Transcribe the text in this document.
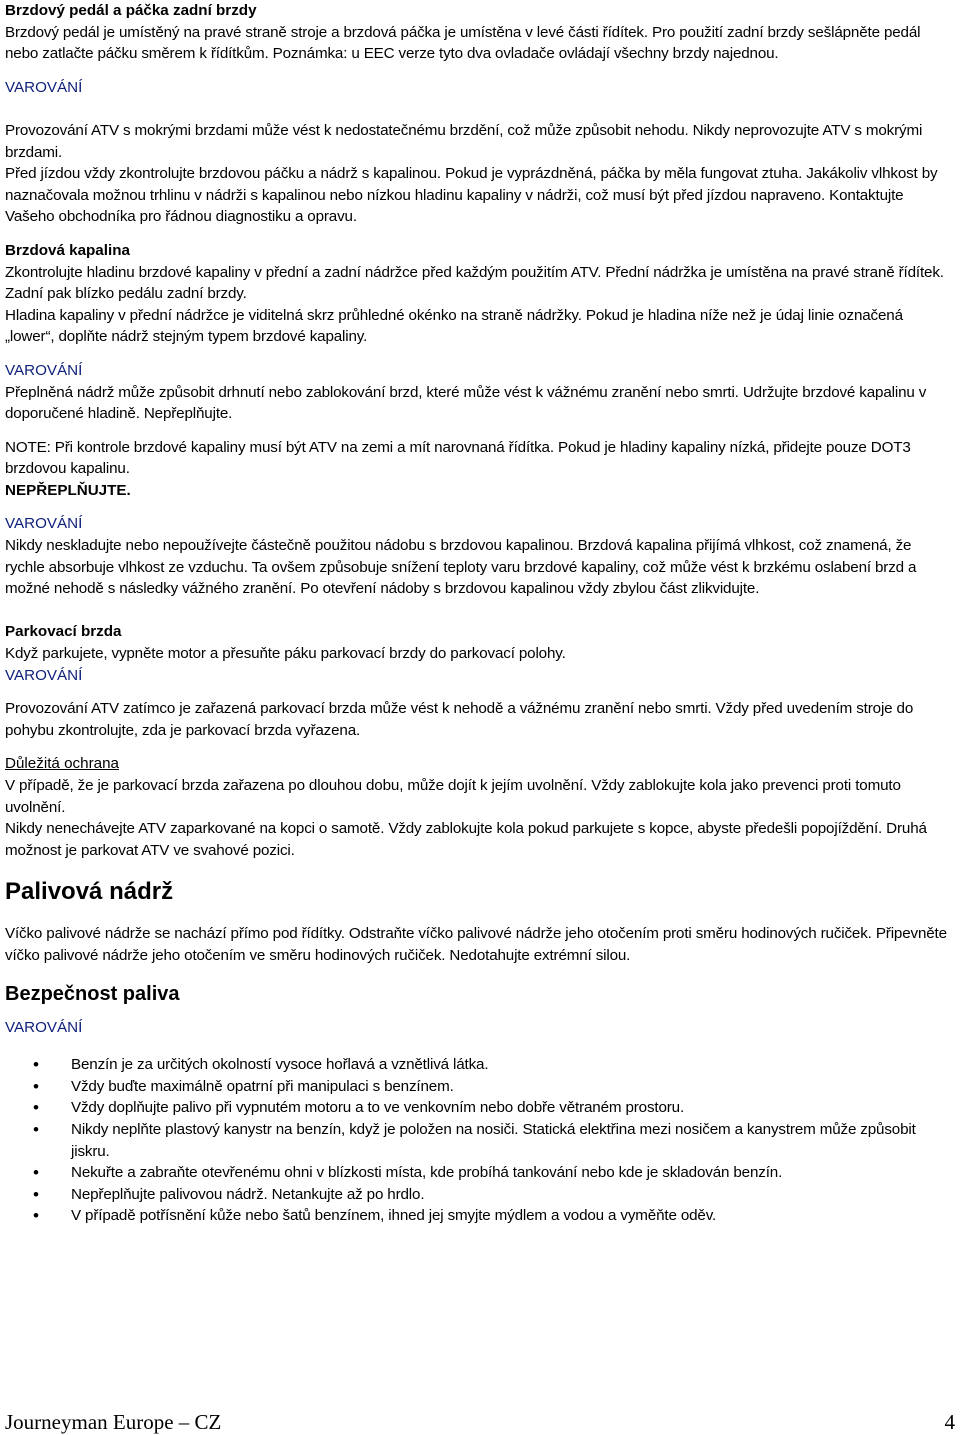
Brzdový pedál a páčka zadní brzdy

Brzdový pedál je umístěný na pravé straně stroje a brzdová páčka je umístěna v levé části řídítek. Pro použití zadní brzdy sešlápněte pedál nebo zatlačte páčku směrem k řídítkům. Poznámka: u EEC verze tyto dva ovladače ovládají všechny brzdy najednou.

VAROVÁNÍ

Provozování ATV s mokrými brzdami může vést k nedostatečnému brzdění, což může způsobit nehodu. Nikdy neprovozujte ATV s mokrými brzdami.

Před jízdou vždy zkontrolujte brzdovou páčku a nádrž s kapalinou. Pokud je vyprázdněná, páčka by měla fungovat ztuha. Jakákoliv vlhkost by naznačovala možnou trhlinu v nádrži s kapalinou nebo nízkou hladinu kapaliny v nádrži, což musí být před jízdou napraveno. Kontaktujte Vašeho obchodníka pro řádnou diagnostiku a opravu.

Brzdová kapalina

Zkontrolujte hladinu brzdové kapaliny v přední a zadní nádržce před každým použitím ATV. Přední nádržka je umístěna na pravé straně řídítek. Zadní pak blízko pedálu zadní brzdy.

Hladina kapaliny v přední nádržce je viditelná skrz průhledné okénko na straně nádržky. Pokud je hladina níže než je údaj linie označená „lower“, doplňte nádrž stejným typem brzdové kapaliny.

VAROVÁNÍ

Přeplněná nádrž může způsobit drhnutí nebo zablokování brzd, které může vést k vážnému zranění nebo smrti. Udržujte brzdové kapalinu v doporučené hladině. Nepřeplňujte.

NOTE: Při kontrole brzdové kapaliny musí být ATV na zemi a mít narovnaná řídítka. Pokud je hladiny kapaliny nízká, přidejte pouze DOT3 brzdovou kapalinu.

NEPŘEPLŇUJTE.

VAROVÁNÍ

Nikdy neskladujte nebo nepoužívejte částečně použitou nádobu s brzdovou kapalinou. Brzdová kapalina přijímá vlhkost, což znamená, že rychle absorbuje vlhkost ze vzduchu. Ta ovšem způsobuje snížení teploty varu brzdové kapaliny, což může vést k brzkému oslabení brzd a možné nehodě s následky vážného zranění. Po otevření nádoby s brzdovou kapalinou vždy zbylou část zlikvidujte.

Parkovací brzda

Když parkujete, vypněte motor a přesuňte páku parkovací brzdy do parkovací polohy.

VAROVÁNÍ

Provozování ATV zatímco je zařazená parkovací brzda může vést k nehodě a vážnému zranění nebo smrti. Vždy před uvedením stroje do pohybu zkontrolujte, zda je parkovací brzda vyřazena.

Důležitá ochrana

V případě, že je parkovací brzda zařazena po dlouhou dobu, může dojít k jejím uvolnění. Vždy zablokujte kola jako prevenci proti tomuto uvolnění.

Nikdy nenechávejte ATV zaparkované na kopci o samotě. Vždy zablokujte kola pokud parkujete s kopce, abyste předešli popojíždění. Druhá možnost je parkovat ATV ve svahové pozici.

Palivová nádrž

Víčko palivové nádrže se nachází přímo pod řídítky. Odstraňte víčko palivové nádrže jeho otočením proti směru hodinových ručiček. Připevněte víčko palivové nádrže jeho otočením ve směru hodinových ručiček. Nedotahujte extrémní silou.

Bezpečnost paliva

VAROVÁNÍ

• Benzín je za určitých okolností vysoce hořlavá a vznětlivá látka.
• Vždy buďte maximálně opatrní při manipulaci s benzínem.
• Vždy doplňujte palivo při vypnutém motoru a to ve venkovním nebo dobře větraném prostoru.
• Nikdy neplňte plastový kanystr na benzín, když je položen na nosiči. Statická elektřina mezi nosičem a kanystrem může způsobit jiskru.
• Nekuřte a zabraňte otevřenému ohni v blízkosti místa, kde probíhá tankování nebo kde je skladován benzín.
• Nepřeplňujte palivovou nádrž. Netankujte až po hrdlo.
• V případě potřísnění kůže nebo šatů benzínem, ihned jej smyjte mýdlem a vodou a vyměňte oděv.
Journeyman Europe – CZ	4
